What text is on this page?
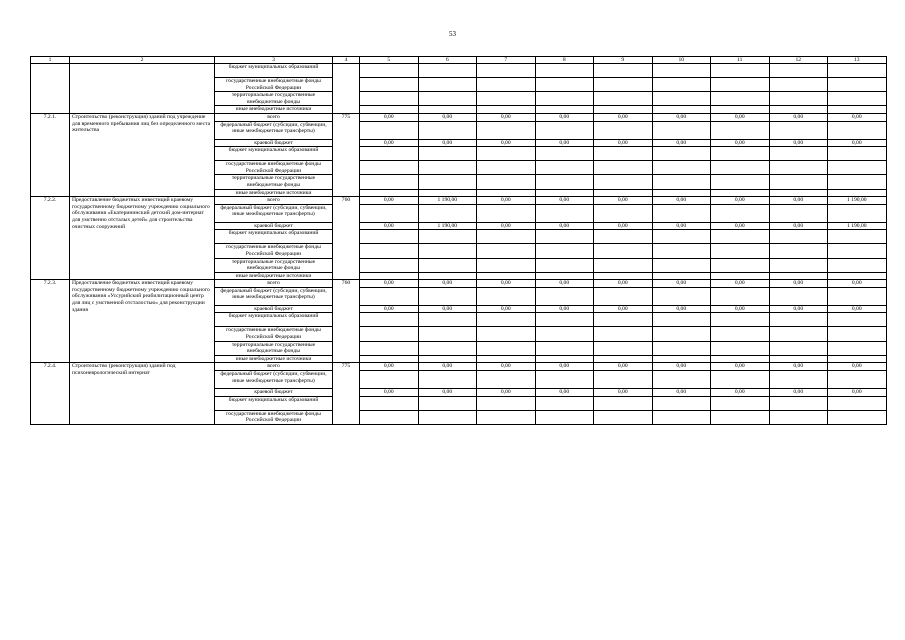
53
1	2	3	4	5	6	7	8	9	10	11	12	13
		бюджет муниципальных образований										
		государственные внебюджетные фонды Российской Федерации										
		территориальные государственные внебюджетные фонды										
		иные внебюджетные источники										
7.2.1.	Строительство (реконструкция) зданий под учреждение для временного пребывания лиц без определенного места жительства	всего	775	0,00	0,00	0,00	0,00	0,00	0,00	0,00	0,00	0,00
		федеральный бюджет (субсидии, субвенции, иные межбюджетные трансферты)										
		краевой бюджет		0,00	0,00	0,00	0,00	0,00	0,00	0,00	0,00	0,00
		бюджет муниципальных образований										
		государственные внебюджетные фонды Российской Федерации										
		территориальные государственные внебюджетные фонды										
		иные внебюджетные источники										
7.2.2.	Предоставление бюджетных инвестиций краевому государственному бюджетному учреждению социального обслуживания «Екатерининский детский дом-интернат для умственно отсталых детей» для строительства очистных сооружений	всего	760	0,00	1 190,00	0,00	0,00	0,00	0,00	0,00	0,00	1 190,00
		федеральный бюджет (субсидии, субвенции, иные межбюджетные трансферты)										
		краевой бюджет		0,00	1 190,00	0,00	0,00	0,00	0,00	0,00	0,00	1 190,00
		бюджет муниципальных образований										
		государственные внебюджетные фонды Российской Федерации										
		территориальные государственные внебюджетные фонды										
		иные внебюджетные источники										
7.2.3.	Предоставление бюджетных инвестиций краевому государственному бюджетному учреждению социального обслуживания «Уссурийский реабилитационный центр для лиц с умственной отсталостью» для реконструкции здания	всего	760	0,00	0,00	0,00	0,00	0,00	0,00	0,00	0,00	0,00
		федеральный бюджет (субсидии, субвенции, иные межбюджетные трансферты)										
		краевой бюджет		0,00	0,00	0,00	0,00	0,00	0,00	0,00	0,00	0,00
		бюджет муниципальных образований										
		государственные внебюджетные фонды Российской Федерации										
		территориальные государственные внебюджетные фонды										
		иные внебюджетные источники										
7.2.4.	Строительство (реконструкция) зданий под психоневрологический интернат	всего	775	0,00	0,00	0,00	0,00	0,00	0,00	0,00	0,00	0,00
		федеральный бюджет (субсидии, субвенции, иные межбюджетные трансферты)										
		краевой бюджет		0,00	0,00	0,00	0,00	0,00	0,00	0,00	0,00	0,00
		бюджет муниципальных образований										
		государственные внебюджетные фонды Российской Федерации										
